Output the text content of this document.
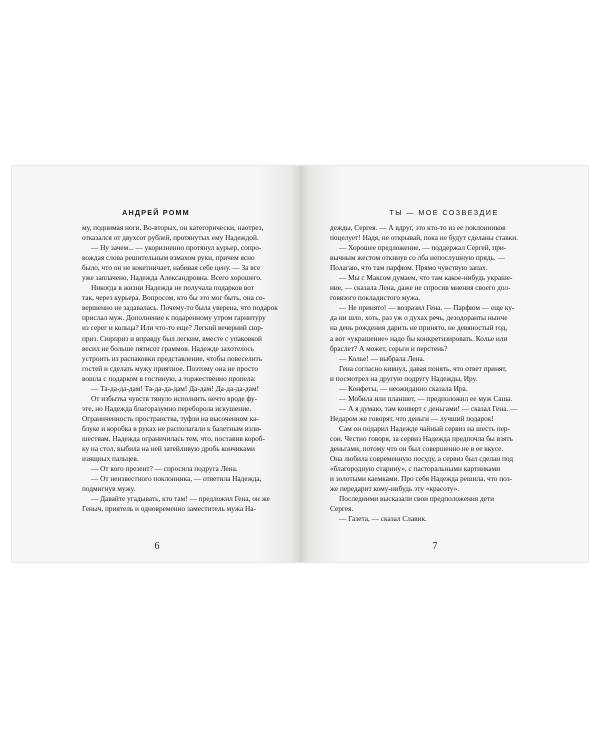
АНДРЕЙ РОММ
му, поднимая ноги. Во-вторых, он категорически, наотрез,
отказался от двухсот рублей, протянутых ему Надеждой.
— Ну зачем... — укоризненно протянул курьер, сопро-
вождая слова решительным взмахом руки, причем ясно
было, что он не кокетничает, набивая себе цену. — За все
уже заплачено, Надежда Александровна. Всего хорошего.
Никогда в жизни Надежда не получала подарков вот
так, через курьера. Вопросом, кто бы это мог быть, она со-
вершенно не задавалась. Почему-то была уверена, что подарок
прислал муж. Дополнение к подаренному утром гарнитуру
из серег и кольца? Или что-то еще? Легкий вечерний сюр-
приз. Сюрприз и вправду был легким, вместе с упаковкой
весил не больше пятисот граммов. Надежде захотелось
устроить из распаковки представление, чтобы повеселить
гостей и сделать мужу приятное. Поэтому она не просто
вошла с подарком в гостиную, а торжественно пропела:
— Та-да-да-дам! Та-да-да-дам! Да-дам! Да-да-да-дам!
От избытка чувств тянуло исполнить нечто вроде фу-
эте, но Надежда благоразумно переборола искушение.
Ограниченность пространства, туфли на высоченном ка-
блуке и коробка в руках не располагали к балетным изли-
шествам. Надежда ограничилась тем, что, поставив короб-
ку на стол, выбила на ней затейливую дробь кончиками
изящных пальцев.
— От кого презент? — спросила подруга Лена.
— От неизвестного поклонника, — ответила Надежда,
подмигнув мужу.
— Давайте угадывать, кто там! — предложил Гена, он же
Геныч, приятель и одновременно заместитель мужа На-
6
ТЫ — МОЕ СОЗВЕЗДИЕ
дежды, Сергея. — А вдруг, это кто-то из ее поклонников
поцелует! Надя, не открывай, пока не будут сделаны ставки.
— Хорошее предложение, — поддержал Сергей, при-
вычным жестом откинув со лба непослушную прядь. —
Полагаю, что там парфюм. Прямо чувствую запах.
— Мы с Максом думаем, что там какое-нибудь украше-
ние, — сказала Лена, даже не спросив мнения своего дол-
говязого покладистого мужа.
— Не принято! — возразил Гена. — Парфюм — еще ку-
да ни шло, хоть, раз уж о духах речь, дезодоранты нынче
на день рождения дарить не принято, не девяностый год,
а вот «украшение» надо бы конкретизировать. Колье или
браслет? А может, серьги и перстень?
— Колье! — выбрала Лена.
Гена согласно кивнул, давая понять, что ответ принят,
и посмотрел на другую подругу Надежды, Иру.
— Конфеты, — неожиданно сказала Ира.
— Мобила или планшет, — предположил ее муж Саша.
— А я думаю, там конверт с деньгами! — сказал Гена. —
Недаром же говорят, что деньги — лучший подарок!
Сам он подарил Надежде чайный сервиз на шесть пер-
сон. Честно говоря, за сервиз Надежда предпочла бы взять
деньгами, потому что он был совершенно не в ее вкусе.
Она любила современную посуду, а сервиз был сделан под
«благородную старину», с пасторальными картинками
и золотыми каемками. Про себя Надежда решила, что поз-
же передарит кому-нибудь эту «красоту».
Последними высказали свои предположения дети
Сергея.
— Газета, — сказал Славик.
7
